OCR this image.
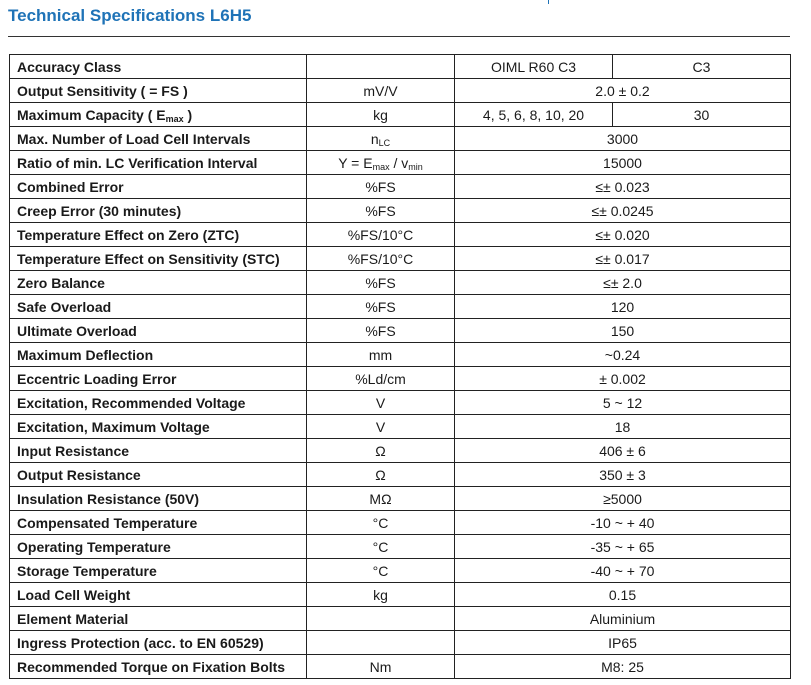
Technical Specifications L6H5
Accuracy Class		OIML R60 C3	C3
Output Sensitivity ( = FS )	mV/V	2.0 ± 0.2	
Maximum Capacity ( $E_{max}$ )	kg	4, 5, 6, 8, 10, 20	30
Max. Number of Load Cell Intervals	$n_{LC}$	3000	
Ratio of min. LC Verification Interval	$Y = E_{max} / v_{min}$	15000	
Combined Error	%FS	≤± 0.023	
Creep Error (30 minutes)	%FS	≤± 0.0245	
Temperature Effect on Zero (ZTC)	%FS/10°C	≤± 0.020	
Temperature Effect on Sensitivity (STC)	%FS/10°C	≤± 0.017	
Zero Balance	%FS	≤± 2.0	
Safe Overload	%FS	120	
Ultimate Overload	%FS	150	
Maximum Deflection	mm	~0.24	
Eccentric Loading Error	%Ld/cm	± 0.002	
Excitation, Recommended Voltage	V	5 ~ 12	
Excitation, Maximum Voltage	V	18	
Input Resistance	Ω	406 ± 6	
Output Resistance	Ω	350 ± 3	
Insulation Resistance (50V)	MΩ	≥5000	
Compensated Temperature	°C	-10 ~ + 40	
Operating Temperature	°C	-35 ~ + 65	
Storage Temperature	°C	-40 ~ + 70	
Load Cell Weight	kg	0.15	
Element Material		Aluminium	
Ingress Protection (acc. to EN 60529)		IP65	
Recommended Torque on Fixation Bolts	Nm	M8: 25	
